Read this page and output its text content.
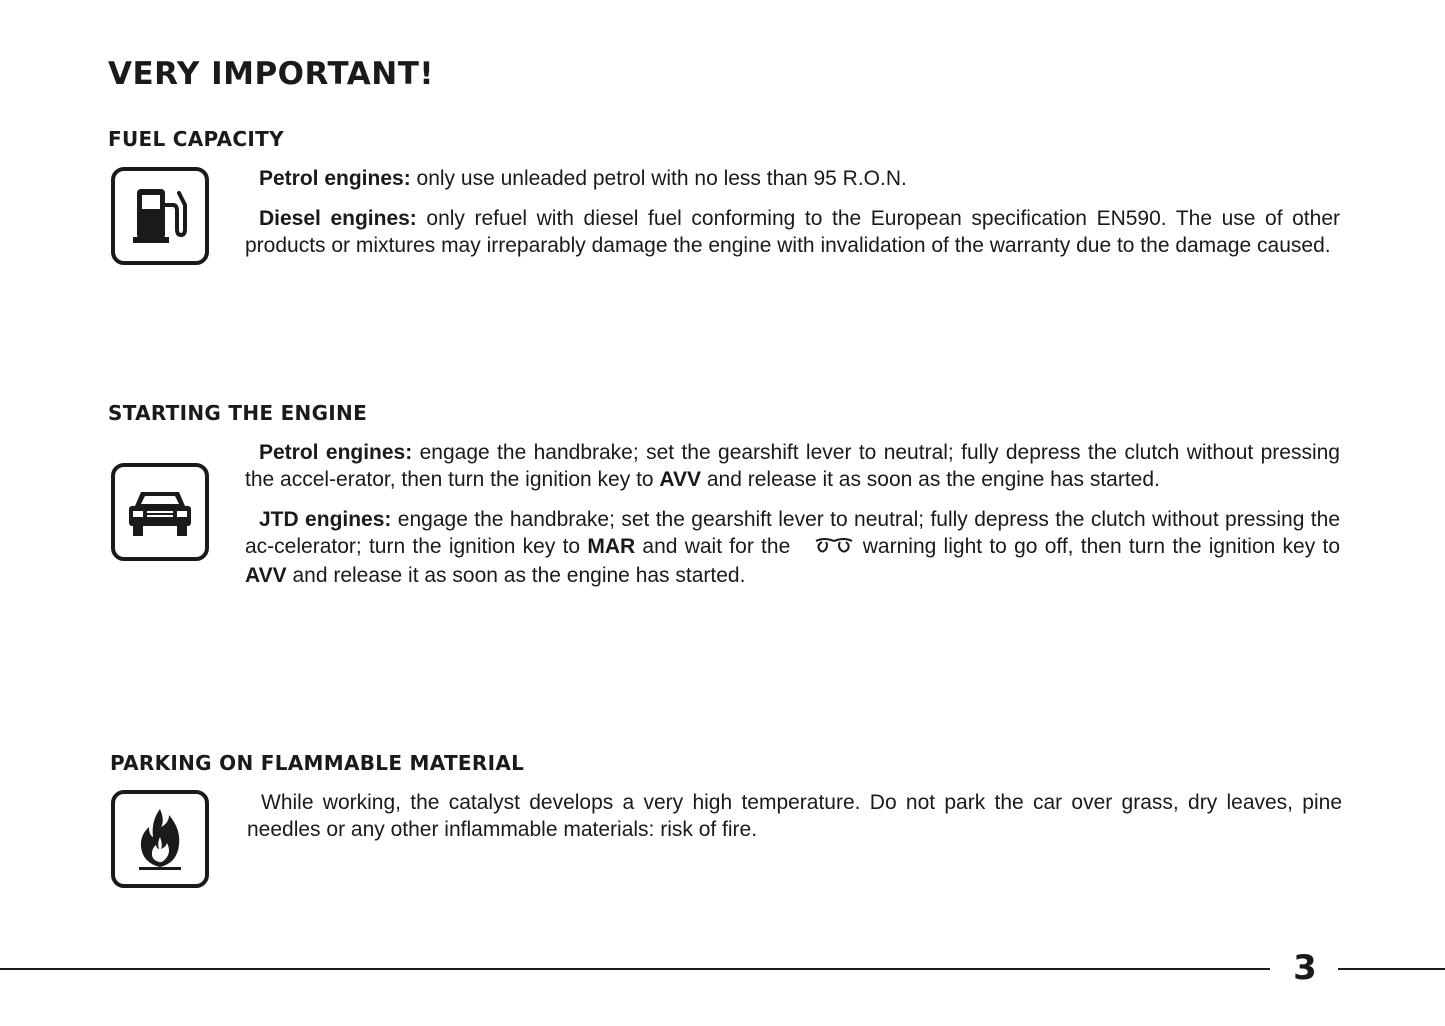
VERY IMPORTANT!
FUEL CAPACITY

Petrol engines: only use unleaded petrol with no less than 95 R.O.N.

Diesel engines: only refuel with diesel fuel conforming to the European specification EN590. The use of other products or mixtures may irreparably damage the engine with invalidation of the warranty due to the damage caused.

STARTING THE ENGINE

Petrol engines: engage the handbrake; set the gearshift lever to neutral; fully depress the clutch without pressing the accel-erator, then turn the ignition key to AVV and release it as soon as the engine has started.

JTD engines: engage the handbrake; set the gearshift lever to neutral; fully depress the clutch without pressing the ac-celerator; turn the ignition key to MAR and wait for the	warning light to go off, then turn the ignition key to AVV and release it as soon as the engine has started.

PARKING ON FLAMMABLE MATERIAL

While working, the catalyst develops a very high temperature. Do not park the car over grass, dry leaves, pine needles or any other inflammable materials: risk of fire.

3
